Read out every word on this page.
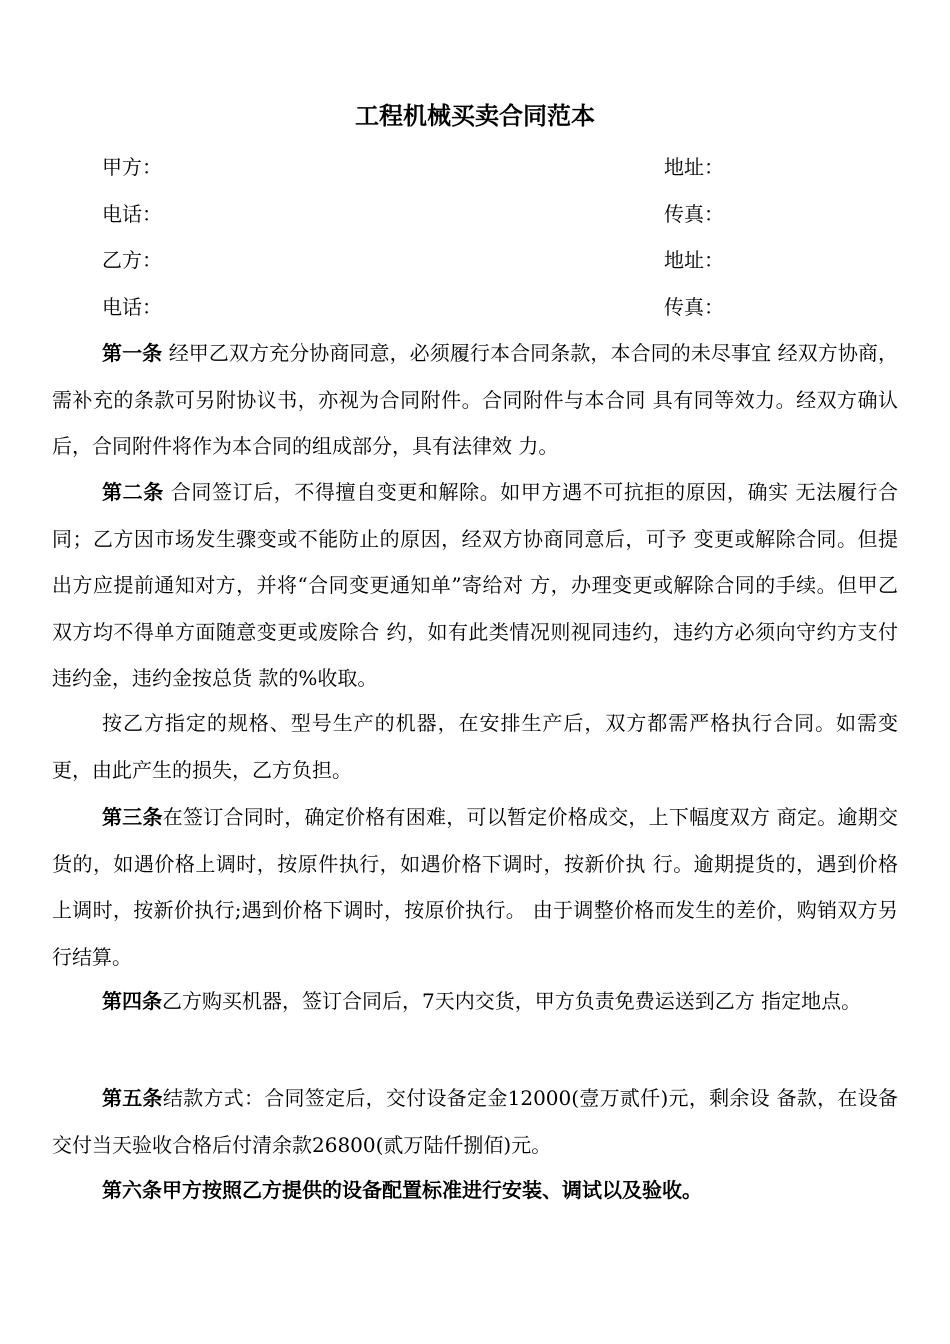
工程机械买卖合同范本
甲方：	地址：
电话：	传真：
乙方：	地址：
电话：	传真：
第一条 经甲乙双方充分协商同意，必须履行本合同条款，本合同的未尽事宜 经双方协商，需补充的条款可另附协议书，亦视为合同附件。合同附件与本合同 具有同等效力。经双方确认后，合同附件将作为本合同的组成部分，具有法律效 力。
第二条 合同签订后，不得擅自变更和解除。如甲方遇不可抗拒的原因，确实 无法履行合同；乙方因市场发生骤变或不能防止的原因，经双方协商同意后，可予 变更或解除合同。但提出方应提前通知对方，并将“合同变更通知单”寄给对 方，办理变更或解除合同的手续。但甲乙双方均不得单方面随意变更或废除合 约，如有此类情况则视同违约，违约方必须向守约方支付违约金，违约金按总货 款的%收取。
按乙方指定的规格、型号生产的机器，在安排生产后，双方都需严格执行合同。如需变更，由此产生的损失，乙方负担。
第三条在签订合同时，确定价格有困难，可以暂定价格成交，上下幅度双方 商定。逾期交货的，如遇价格上调时，按原件执行，如遇价格下调时，按新价执 行。逾期提货的，遇到价格上调时，按新价执行;遇到价格下调时，按原价执行。 由于调整价格而发生的差价，购销双方另行结算。
第四条乙方购买机器，签订合同后，7天内交货，甲方负责免费运送到乙方 指定地点。
第五条结款方式：合同签定后，交付设备定金12000(壹万贰仟)元，剩余设 备款，在设备交付当天验收合格后付清余款26800(贰万陆仟捌佰)元。
第六条甲方按照乙方提供的设备配置标准进行安装、调试以及验收。
